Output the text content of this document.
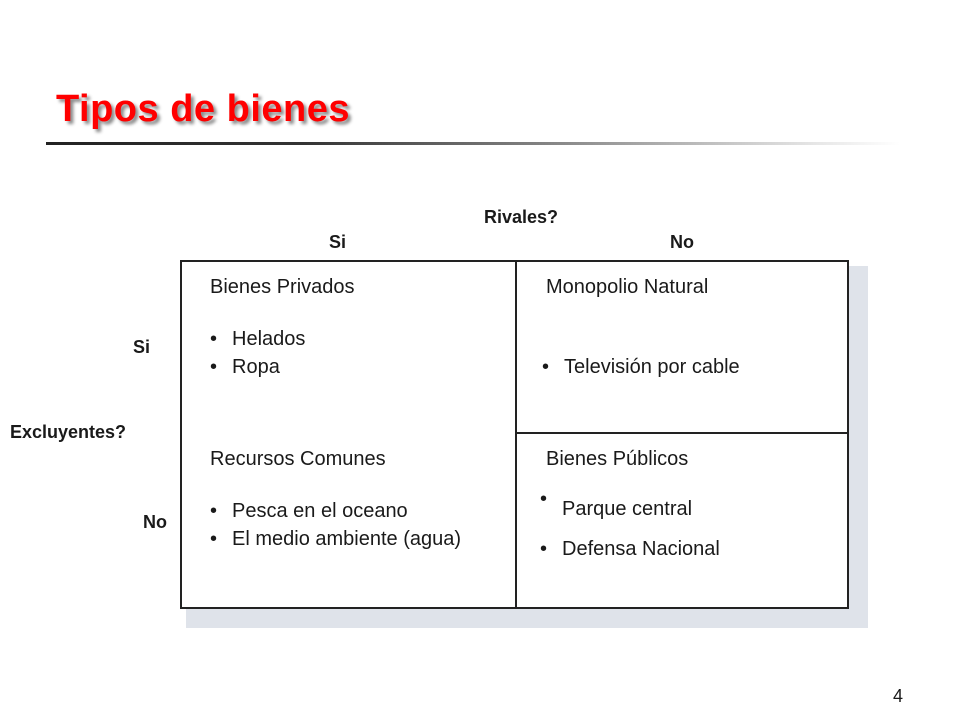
Tipos de bienes
Rivales?
Si	No
Si
Excluyentes?
No
Bienes Privados
• Helados
• Ropa
Monopolio Natural
• Televisión por cable
Recursos Comunes
• Pesca en el oceano
• El medio ambiente (agua)
Bienes Públicos
• Parque central
• Defensa Nacional
4
